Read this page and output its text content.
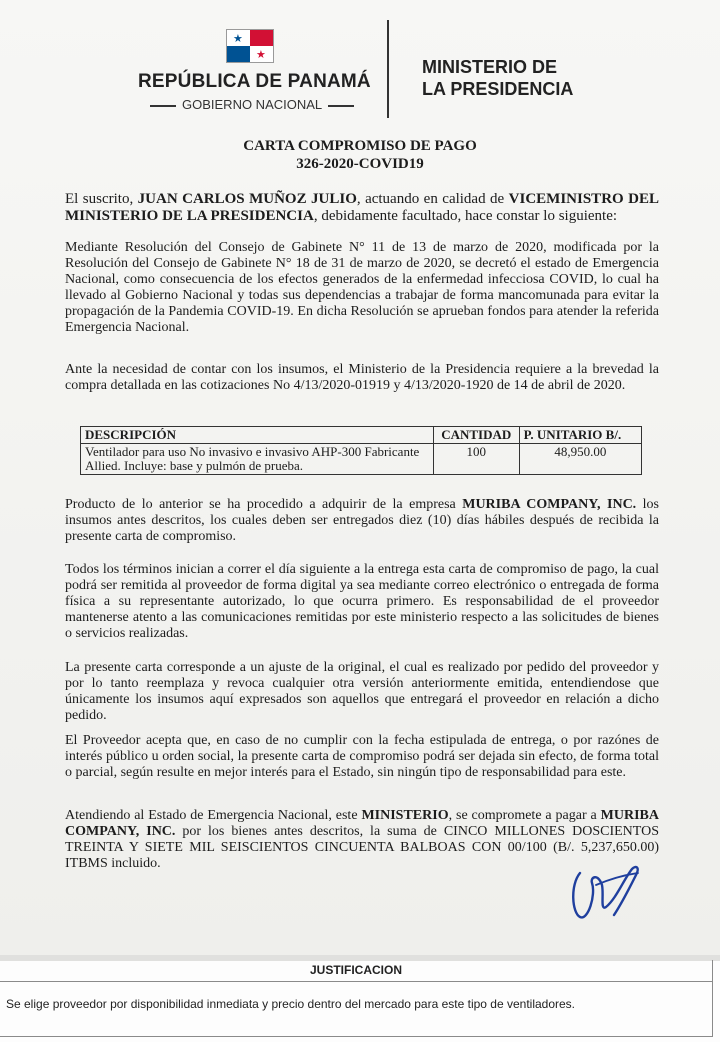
★
★
REPÚBLICA DE PANAMÁ
GOBIERNO NACIONAL
MINISTERIO DE
LA PRESIDENCIA
CARTA COMPROMISO DE PAGO
326-2020-COVID19
El suscrito, JUAN CARLOS MUÑOZ JULIO, actuando en calidad de VICEMINISTRO DEL MINISTERIO DE LA PRESIDENCIA, debidamente facultado, hace constar lo siguiente:
Mediante Resolución del Consejo de Gabinete N° 11 de 13 de marzo de 2020, modificada por la Resolución del Consejo de Gabinete N° 18 de 31 de marzo de 2020, se decretó el estado de Emergencia Nacional, como consecuencia de los efectos generados de la enfermedad infecciosa COVID, lo cual ha llevado al Gobierno Nacional y todas sus dependencias a trabajar de forma mancomunada para evitar la propagación de la Pandemia COVID-19. En dicha Resolución se aprueban fondos para atender la referida Emergencia Nacional.
Ante la necesidad de contar con los insumos, el Ministerio de la Presidencia requiere a la brevedad la compra detallada en las cotizaciones No 4/13/2020-01919 y 4/13/2020-1920 de 14 de abril de 2020.
DESCRIPCIÓN	CANTIDAD	P. UNITARIO B/.
Ventilador para uso No invasivo e invasivo AHP-300 Fabricante Allied. Incluye: base y pulmón de prueba.	100	48,950.00
Producto de lo anterior se ha procedido a adquirir de la empresa MURIBA COMPANY, INC. los insumos antes descritos, los cuales deben ser entregados diez (10) días hábiles después de recibida la presente carta de compromiso.
Todos los términos inician a correr el día siguiente a la entrega esta carta de compromiso de pago, la cual podrá ser remitida al proveedor de forma digital ya sea mediante correo electrónico o entregada de forma física a su representante autorizado, lo que ocurra primero. Es responsabilidad de el proveedor mantenerse atento a las comunicaciones remitidas por este ministerio respecto a las solicitudes de bienes o servicios realizadas.
La presente carta corresponde a un ajuste de la original, el cual es realizado por pedido del proveedor y por lo tanto reemplaza y revoca cualquier otra versión anteriormente emitida, entendiendose que únicamente los insumos aquí expresados son aquellos que entregará el proveedor en relación a dicho pedido.
El Proveedor acepta que, en caso de no cumplir con la fecha estipulada de entrega, o por razónes de interés público u orden social, la presente carta de compromiso podrá ser dejada sin efecto, de forma total o parcial, según resulte en mejor interés para el Estado, sin ningún tipo de responsabilidad para este.
Atendiendo al Estado de Emergencia Nacional, este MINISTERIO, se compromete a pagar a MURIBA COMPANY, INC. por los bienes antes descritos, la suma de CINCO MILLONES DOSCIENTOS TREINTA Y SIETE MIL SEISCIENTOS CINCUENTA BALBOAS CON 00/100 (B/. 5,237,650.00) ITBMS incluido.
JUSTIFICACION
Se elige proveedor por disponibilidad inmediata y precio dentro del mercado para este tipo de ventiladores.
